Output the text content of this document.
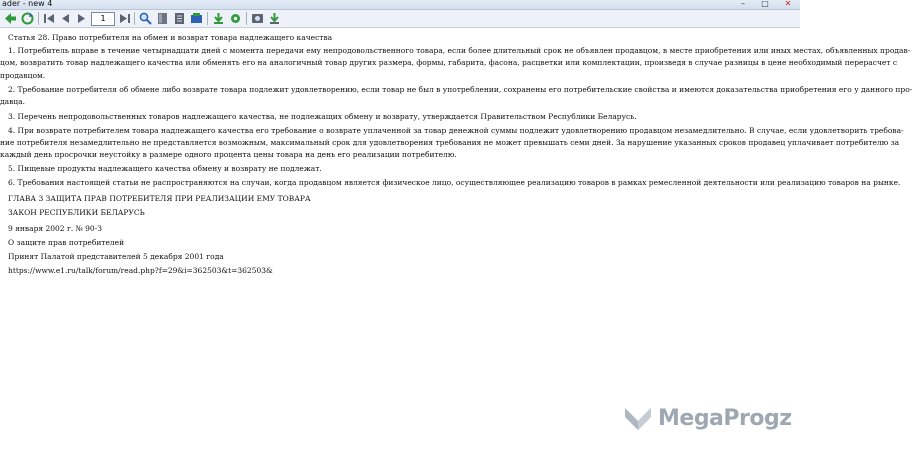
ader - new 4	–	□	✕
1
Статья 28. Право потребителя на обмен и возврат товара надлежащего качества
1. Потребитель вправе в течение четырнадцати дней с момента передачи ему непродовольственного товара, если более длительный срок не объявлен продавцом, в месте приобретения или иных местах, объявленных продав-
цом, возвратить товар надлежащего качества или обменять его на аналогичный товар других размера, формы, габарита, фасона, расцветки или комплектации, произведя в случае разницы в цене необходимый перерасчет с
продавцом.
2. Требование потребителя об обмене либо возврате товара подлежит удовлетворению, если товар не был в употреблении, сохранены его потребительские свойства и имеются доказательства приобретения его у данного про-
давца.
3. Перечень непродовольственных товаров надлежащего качества, не подлежащих обмену и возврату, утверждается Правительством Республики Беларусь.
4. При возврате потребителем товара надлежащего качества его требование о возврате уплаченной за товар денежной суммы подлежит удовлетворению продавцом незамедлительно. В случае, если удовлетворить требова-
ние потребителя незамедлительно не представляется возможным, максимальный срок для удовлетворения требования не может превышать семи дней. За нарушение указанных сроков продавец уплачивает потребителю за
каждый день просрочки неустойку в размере одного процента цены товара на день его реализации потребителю.
5. Пищевые продукты надлежащего качества обмену и возврату не подлежат.
6. Требования настоящей статьи не распространяются на случаи, когда продавцом является физическое лицо, осуществляющее реализацию товаров в рамках ремесленной деятельности или реализацию товаров на рынке.
ГЛАВА 3 ЗАЩИТА ПРАВ ПОТРЕБИТЕЛЯ ПРИ РЕАЛИЗАЦИИ ЕМУ ТОВАРА
ЗАКОН РЕСПУБЛИКИ БЕЛАРУСЬ
9 января 2002 г. № 90-З
О защите прав потребителей
Принят Палатой представителей 5 декабря 2001 года
https://www.e1.ru/talk/forum/read.php?f=29&i=362503&t=362503&
MegaProgz
